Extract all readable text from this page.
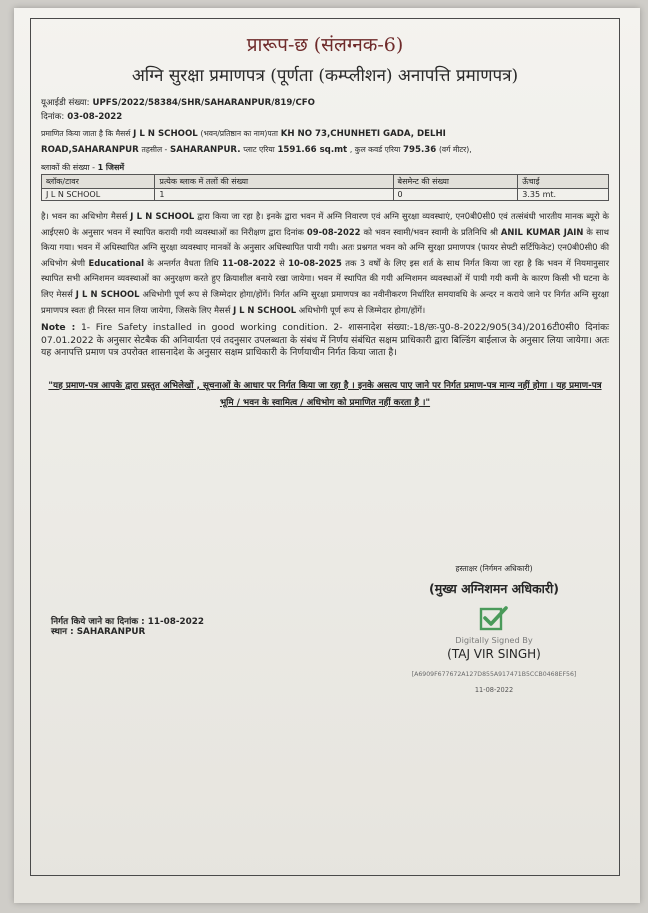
प्रारूप-छ (संलग्नक-6)
अग्नि सुरक्षा प्रमाणपत्र (पूर्णता (कम्प्लीशन) अनापत्ति प्रमाणपत्र)
यूआईडी संख्या: UPFS/2022/58384/SHR/SAHARANPUR/819/CFO
दिनांक: 03-08-2022
प्रमाणित किया जाता है कि मैसर्स J L N SCHOOL (भवन/प्रतिष्ठान का नाम)पता KH NO 73,CHUNHETI GADA, DELHI
ROAD,SAHARANPUR तहसील - SAHARANPUR. प्लाट एरिया 1591.66 sq.mt , कुल कवर्ड एरिया 795.36 (वर्ग मीटर),
ब्लाकों की संख्या - 1 जिसमें
ब्लॉक/टावर	प्रत्येक ब्लाक में तलों की संख्या	बेसमेन्ट की संख्या	ऊँचाई
J L N SCHOOL	1	0	3.35 mt.
है। भवन का अधिभोग मैसर्स J L N SCHOOL द्वारा किया जा रहा है। इनके द्वारा भवन में अग्नि निवारण एवं अग्नि सुरक्षा व्यवस्थाएं, एन0बी0सी0 एवं तत्संबंधी भारतीय मानक ब्यूरो के आईएस0 के अनुसार भवन में स्थापित करायी गयी व्यवस्थाओं का निरीक्षण द्वारा दिनांक 09-08-2022 को भवन स्वामी/भवन स्वामी के प्रतिनिधि श्री ANIL KUMAR JAIN के साथ किया गया। भवन में अधिस्थापित अग्नि सुरक्षा व्यवस्थाए मानकों के अनुसार अधिस्थापित पायी गयी। अतः प्रश्नगत भवन को अग्नि सुरक्षा प्रमाणपत्र (फायर सेफ्टी सर्टिफिकेट) एन0बी0सी0 की अधिभोग श्रेणी Educational के अन्तर्गत वैधता तिथि 11-08-2022 से 10-08-2025 तक 3 वर्षों के लिए इस शर्त के साथ निर्गत किया जा रहा है कि भवन में नियमानुसार स्थापित सभी अग्निशमन व्यवस्थाओं का अनुरक्षण करते हुए क्रियाशील बनाये रखा जायेगा। भवन में स्थापित की गयी अग्निशमन व्यवस्थाओं में पायी गयी कमी के कारण किसी भी घटना के लिए मेसर्स J L N SCHOOL अधिभोगी पूर्ण रूप से जिम्मेदार होगा/होंगें। निर्गत अग्नि सुरक्षा प्रमाणपत्र का नवीनीकरण निर्धारित समयावधि के अन्दर न कराये जाने पर निर्गत अग्नि सुरक्षा प्रमाणपत्र स्वतः ही निरस्त मान लिया जायेगा, जिसके लिए मैसर्स J L N SCHOOL अधिभोगी पूर्ण रूप से जिम्मेदार होगा/होंगें।
Note : 1- Fire Safety installed in good working condition. 2- शासनादेश संख्या:-18/छः-पु0-8-2022/905(34)/2016टी0सी0 दिनांकः 07.01.2022 के अनुसार सेटबैक की अनिवार्यता एवं तदनुसार उपलब्धता के संबंध में निर्णय संबंधित सक्षम प्राधिकारी द्वारा बिल्डिंग बाईलाज के अनुसार लिया जायेगा। अतः यह अनापत्ति प्रमाण पत्र उपरोक्त शासनादेश के अनुसार सक्षम प्राधिकारी के निर्णयाधीन निर्गत किया जाता है।
"यह प्रमाण-पत्र आपके द्वारा प्रस्तुत अभिलेखों , सूचनाओं के आधार पर निर्गत किया जा रहा है । इनके असत्य पाए जाने पर निर्गत प्रमाण-पत्र मान्य नहीं होगा । यह प्रमाण-पत्र भूमि / भवन के स्वामित्व / अधिभोग को प्रमाणित नहीं करता है ।"
हस्ताक्षर (निर्गमन अधिकारी)
(मुख्य अग्निशमन अधिकारी)
Digitally Signed By
(TAJ VIR SINGH)
[A6909F677672A127D855A917471B5CCB0468EF56]
11-08-2022
निर्गत किये जाने का दिनांक : 11-08-2022
स्थान : SAHARANPUR
